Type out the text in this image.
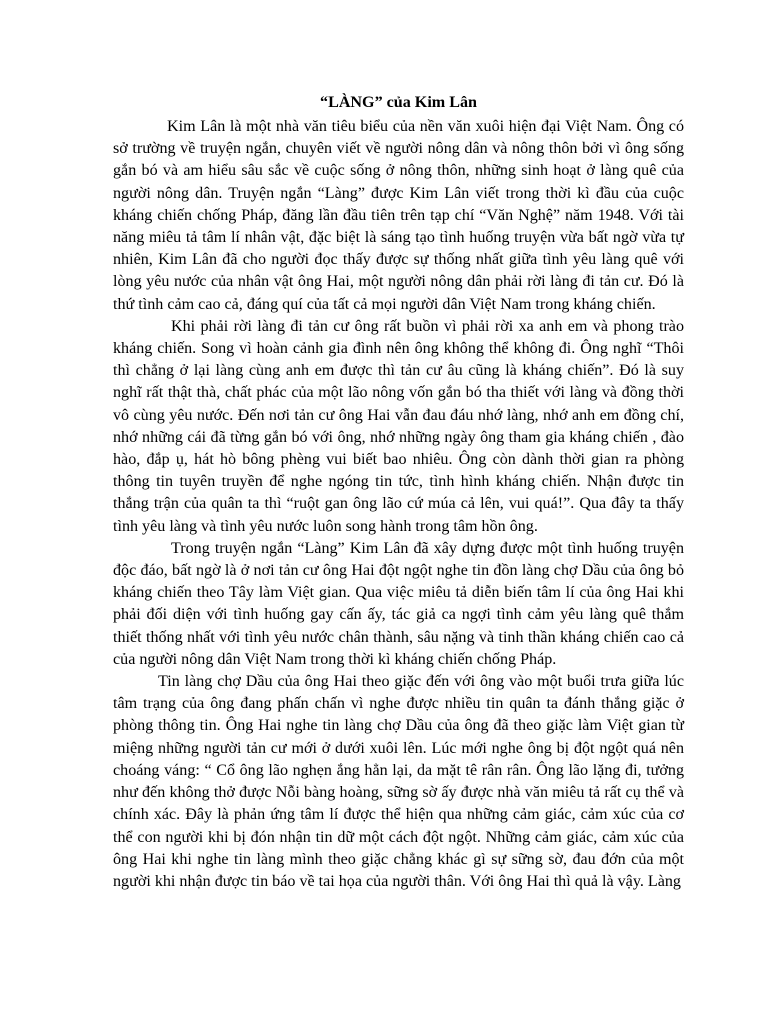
“LÀNG” của Kim Lân

Kim Lân là một nhà văn tiêu biểu của nền văn xuôi hiện đại Việt Nam. Ông có sở trường về truyện ngắn, chuyên viết về người nông dân và nông thôn bởi vì ông sống gắn bó và am hiểu sâu sắc về cuộc sống ở nông thôn, những sinh hoạt ở làng quê của người nông dân. Truyện ngắn “Làng” được Kim Lân viết trong thời kì đầu của cuộc kháng chiến chống Pháp, đăng lần đầu tiên trên tạp chí “Văn Nghệ” năm 1948. Với tài năng miêu tả tâm lí nhân vật, đặc biệt là sáng tạo tình huống truyện vừa bất ngờ vừa tự nhiên, Kim Lân đã cho người đọc thấy được sự thống nhất giữa tình yêu làng quê với lòng yêu nước của nhân vật ông Hai, một người nông dân phải rời làng đi tản cư. Đó là thứ tình cảm cao cả, đáng quí của tất cả mọi người dân Việt Nam trong kháng chiến.

Khi phải rời làng đi tản cư ông rất buồn vì phải rời xa anh em và phong trào kháng chiến. Song vì hoàn cảnh gia đình nên ông không thể không đi. Ông nghĩ “Thôi thì chẳng ở lại làng cùng anh em được thì tản cư âu cũng là kháng chiến”. Đó là suy nghĩ rất thật thà, chất phác của một lão nông vốn gắn bó tha thiết với làng và đồng thời vô cùng yêu nước. Đến nơi tản cư ông Hai vẫn đau đáu nhớ làng, nhớ anh em đồng chí, nhớ những cái đã từng gắn bó với ông, nhớ những ngày ông tham gia kháng chiến , đào hào, đắp ụ, hát hò bông phèng vui biết bao nhiêu. Ông còn dành thời gian ra phòng thông tin tuyên truyền để nghe ngóng tin tức, tình hình kháng chiến. Nhận được tin thắng trận của quân ta thì “ruột gan ông lão cứ múa cả lên, vui quá!”. Qua đây ta thấy tình yêu làng và tình yêu nước luôn song hành trong tâm hồn ông.

Trong truyện ngắn “Làng” Kim Lân đã xây dựng được một tình huống truyện độc đáo, bất ngờ là ở nơi tản cư ông Hai đột ngột nghe tin đồn làng chợ Dầu của ông bỏ kháng chiến theo Tây làm Việt gian. Qua việc miêu tả diễn biến tâm lí của ông Hai khi phải đối diện với tình huống gay cấn ấy, tác giả ca ngợi tình cảm yêu làng quê thắm thiết thống nhất với tình yêu nước chân thành, sâu nặng và tinh thần kháng chiến cao cả của người nông dân Việt Nam trong thời kì kháng chiến chống Pháp.

Tin làng chợ Dầu của ông Hai theo giặc đến với ông vào một buổi trưa giữa lúc tâm trạng của ông đang phấn chấn vì nghe được nhiều tin quân ta đánh thắng giặc ở phòng thông tin. Ông Hai nghe tin làng chợ Dầu của ông đã theo giặc làm Việt gian từ miệng những người tản cư mới ở dưới xuôi lên. Lúc mới nghe ông bị đột ngột quá nên choáng váng: “ Cổ ông lão nghẹn ắng hẳn lại, da mặt tê rân rân. Ông lão lặng đi, tưởng như đến không thở được Nỗi bàng hoàng, sững sờ ấy được nhà văn miêu tả rất cụ thể và chính xác. Đây là phản ứng tâm lí được thể hiện qua những cảm giác, cảm xúc của cơ thể con người khi bị đón nhận tin dữ một cách đột ngột. Những cảm giác, cảm xúc của ông Hai khi nghe tin làng mình theo giặc chẳng khác gì sự sững sờ, đau đớn của một người khi nhận được tin báo về tai họa của người thân. Với ông Hai thì quả là vậy. Làng
